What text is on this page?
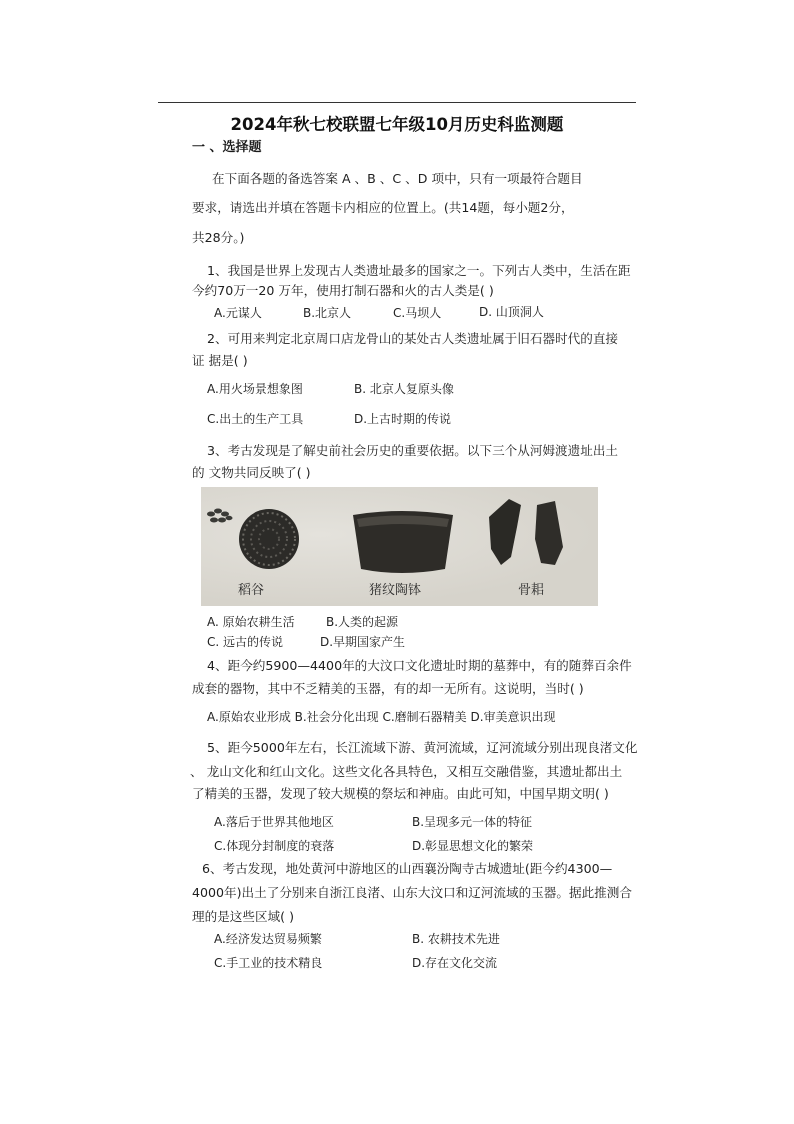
2024年秋七校联盟七年级10月历史科监测题
一 、选择题
在下面各题的备选答案 A 、B 、C 、D 项中，只有一项最符合题目
要求，请选出并填在答题卡内相应的位置上。(共14题，每小题2分，
共28分。)
1、我国是世界上发现古人类遗址最多的国家之一。下列古人类中，生活在距
今约70万一20 万年，使用打制石器和火的古人类是( )
A.元谋人	B.北京人	C.马坝人	D. 山顶洞人
2、可用来判定北京周口店龙骨山的某处古人类遗址属于旧石器时代的直接
证 据是( )
A.用火场景想象图	B. 北京人复原头像
C.出土的生产工具	D.上古时期的传说
3、考古发现是了解史前社会历史的重要依据。以下三个从河姆渡遗址出土
的 文物共同反映了( )
稻谷	猪纹陶钵	骨耜
A. 原始农耕生活	B.人类的起源
C. 远古的传说	D.早期国家产生
4、距今约5900—4400年的大汶口文化遗址时期的墓葬中，有的随葬百余件
成套的器物，其中不乏精美的玉器，有的却一无所有。这说明，当时( )
A.原始农业形成 B.社会分化出现 C.磨制石器精美 D.审美意识出现
5、距今5000年左右，长江流域下游、黄河流域，辽河流域分别出现良渚文化
、 龙山文化和红山文化。这些文化各具特色，又相互交融借鉴，其遗址都出土
了精美的玉器，发现了较大规模的祭坛和神庙。由此可知，中国早期文明( )
A.落后于世界其他地区	B.呈现多元一体的特征
C.体现分封制度的衰落	D.彰显思想文化的繁荣
6、考古发现，地处黄河中游地区的山西襄汾陶寺古城遗址(距今约4300—
4000年)出土了分别来自浙江良渚、山东大汶口和辽河流域的玉器。据此推测合
理的是这些区域( )
A.经济发达贸易频繁	B. 农耕技术先进
C.手工业的技术精良	D.存在文化交流
